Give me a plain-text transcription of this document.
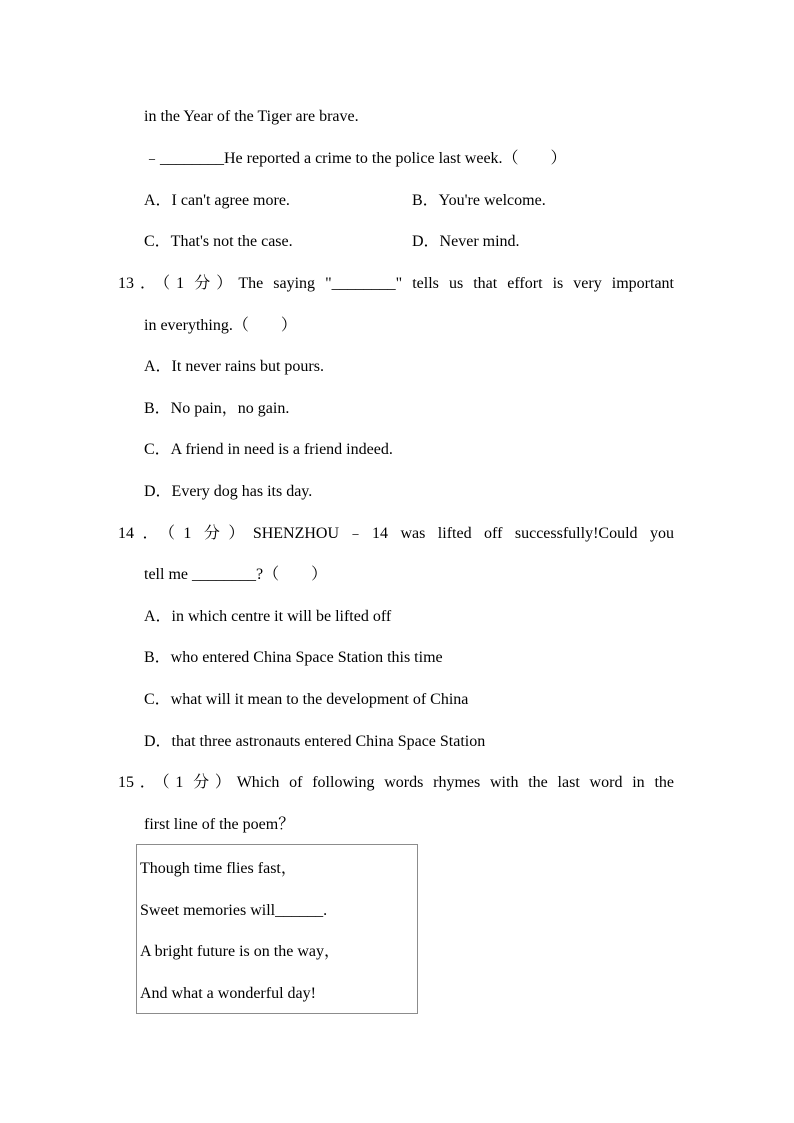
in the Year of the Tiger are brave.
﹣________He reported a crime to the police last week.（　　）
A．I can't agree more.	B．You're welcome.
C．That's not the case.	D．Never mind.
13．（1 分）The saying "________" tells us that effort is very important
in everything.（　　）
A．It never rains but pours.
B．No pain，no gain.
C．A friend in need is a friend indeed.
D．Every dog has its day.
14．（1 分）SHENZHOU﹣14 was lifted off successfully!Could you
tell me ________?（　　）
A．in which centre it will be lifted off
B．who entered China Space Station this time
C．what will it mean to the development of China
D．that three astronauts entered China Space Station
15．（1 分）Which of following words rhymes with the last word in the
first line of the poem？
Though time flies fast，
Sweet memories will______.
A bright future is on the way，
And what a wonderful day!
